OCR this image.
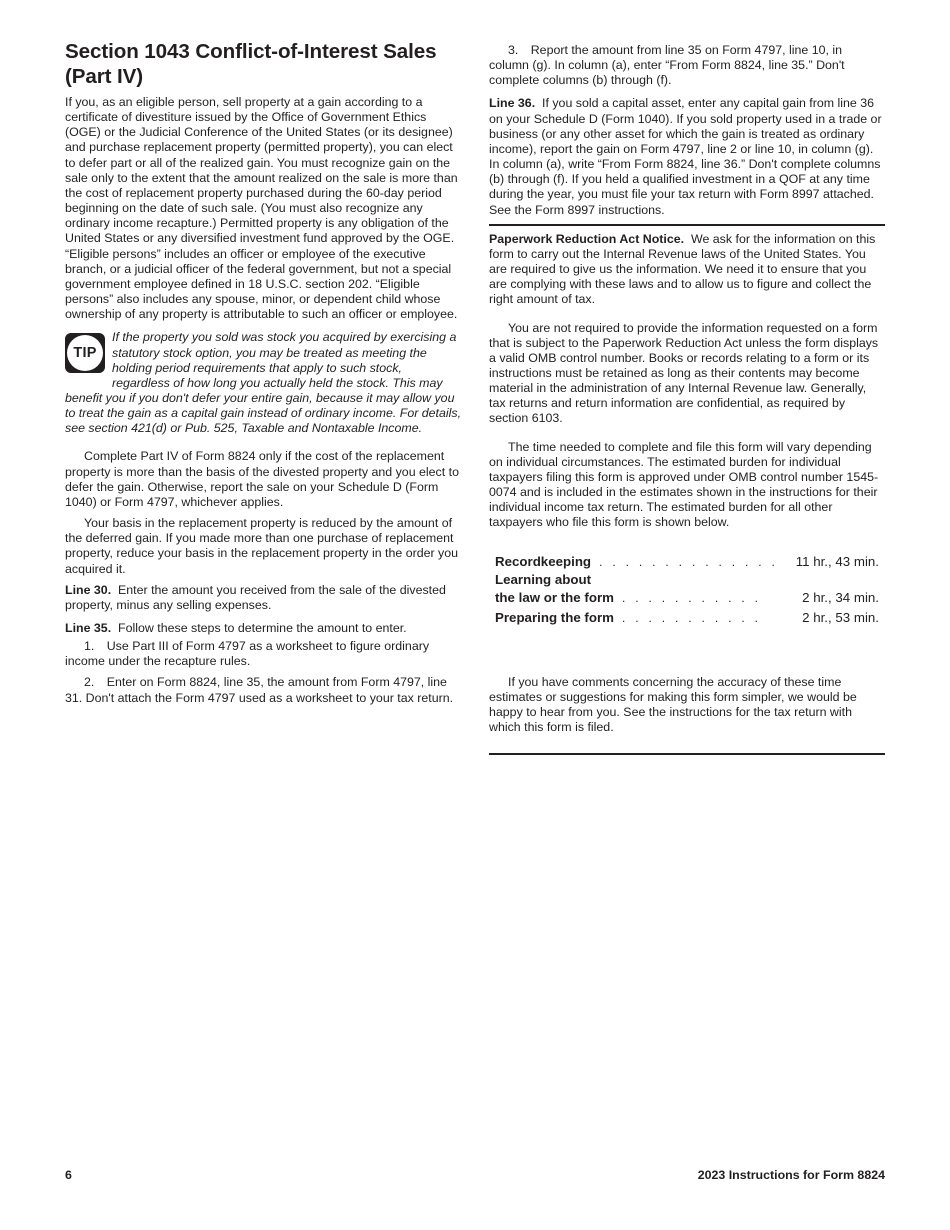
Section 1043 Conflict-of-Interest Sales (Part IV)

If you, as an eligible person, sell property at a gain according to a certificate of divestiture issued by the Office of Government Ethics (OGE) or the Judicial Conference of the United States (or its designee) and purchase replacement property (permitted property), you can elect to defer part or all of the realized gain. You must recognize gain on the sale only to the extent that the amount realized on the sale is more than the cost of replacement property purchased during the 60-day period beginning on the date of such sale. (You must also recognize any ordinary income recapture.) Permitted property is any obligation of the United States or any diversified investment fund approved by the OGE. “Eligible persons” includes an officer or employee of the executive branch, or a judicial officer of the federal government, but not a special government employee defined in 18 U.S.C. section 202. “Eligible persons” also includes any spouse, minor, or dependent child whose ownership of any property is attributable to such an officer or employee.

TIP

If the property you sold was stock you acquired by exercising a statutory stock option, you may be treated as meeting the holding period requirements that apply to such stock, regardless of how long you actually held the stock. This may benefit you if you don't defer your entire gain, because it may allow you to treat the gain as a capital gain instead of ordinary income. For details, see section 421(d) or Pub. 525, Taxable and Nontaxable Income.

Complete Part IV of Form 8824 only if the cost of the replacement property is more than the basis of the divested property and you elect to defer the gain. Otherwise, report the sale on your Schedule D (Form 1040) or Form 4797, whichever applies.

Your basis in the replacement property is reduced by the amount of the deferred gain. If you made more than one purchase of replacement property, reduce your basis in the replacement property in the order you acquired it.

Line 30. Enter the amount you received from the sale of the divested property, minus any selling expenses.

Line 35. Follow these steps to determine the amount to enter.

1. Use Part III of Form 4797 as a worksheet to figure ordinary income under the recapture rules.

2. Enter on Form 8824, line 35, the amount from Form 4797, line 31. Don't attach the Form 4797 used as a worksheet to your tax return.

3. Report the amount from line 35 on Form 4797, line 10, in column (g). In column (a), enter “From Form 8824, line 35.” Don't complete columns (b) through (f).

Line 36. If you sold a capital asset, enter any capital gain from line 36 on your Schedule D (Form 1040). If you sold property used in a trade or business (or any other asset for which the gain is treated as ordinary income), report the gain on Form 4797, line 2 or line 10, in column (g). In column (a), write “From Form 8824, line 36.” Don't complete columns (b) through (f). If you held a qualified investment in a QOF at any time during the year, you must file your tax return with Form 8997 attached. See the Form 8997 instructions.

Paperwork Reduction Act Notice. We ask for the information on this form to carry out the Internal Revenue laws of the United States. You are required to give us the information. We need it to ensure that you are complying with these laws and to allow us to figure and collect the right amount of tax.

You are not required to provide the information requested on a form that is subject to the Paperwork Reduction Act unless the form displays a valid OMB control number. Books or records relating to a form or its instructions must be retained as long as their contents may become material in the administration of any Internal Revenue law. Generally, tax returns and return information are confidential, as required by section 6103.

The time needed to complete and file this form will vary depending on individual circumstances. The estimated burden for individual taxpayers filing this form is approved under OMB control number 1545-0074 and is included in the estimates shown in the instructions for their individual income tax return. The estimated burden for all other taxpayers who file this form is shown below.

Recordkeeping . . . . . . . . . . . . . .	11 hr., 43 min.
Learning about
the law or the form . . . . . . . . . . .	2 hr., 34 min.
Preparing the form . . . . . . . . . . .	2 hr., 53 min.

If you have comments concerning the accuracy of these time estimates or suggestions for making this form simpler, we would be happy to hear from you. See the instructions for the tax return with which this form is filed.

6	2023 Instructions for Form 8824
